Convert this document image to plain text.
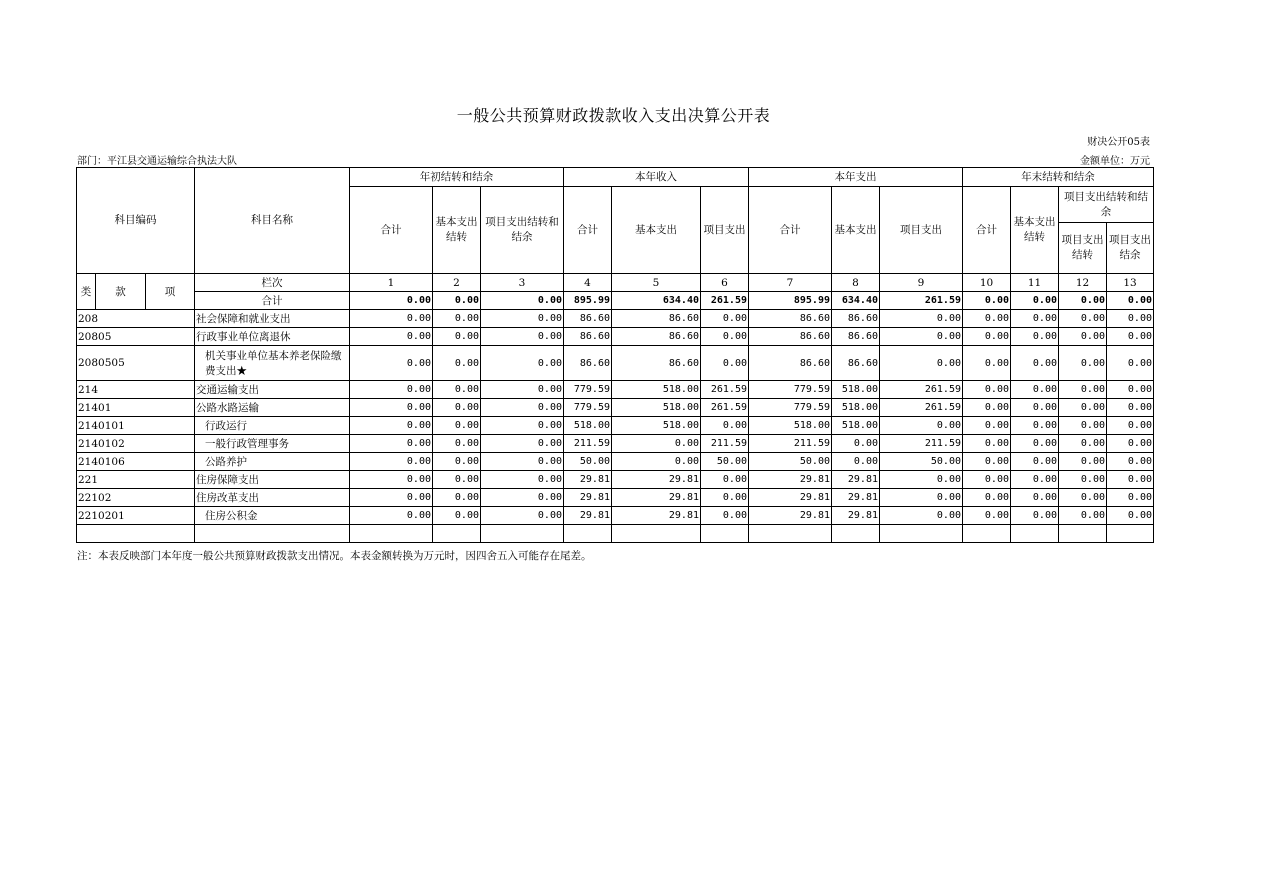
一般公共预算财政拨款收入支出决算公开表
财决公开05表
部门：平江县交通运输综合执法大队	金额单位：万元
科目编码			科目名称	年初结转和结余			本年收入			本年支出			年末结转和结余			
				合计	基本支出结转	项目支出结转和结余	合计	基本支出	项目支出	合计	基本支出	项目支出	合计	基本支出结转	项目支出结转和结余	
															项目支出结转	项目支出结余
类	款	项	栏次	1	2	3	4	5	6	7	8	9	10	11	12	13
			合计	0.00	0.00	0.00	895.99	634.40	261.59	895.99	634.40	261.59	0.00	0.00	0.00	0.00
208			社会保障和就业支出	0.00	0.00	0.00	86.60	86.60	0.00	86.60	86.60	0.00	0.00	0.00	0.00	0.00
20805			行政事业单位离退休	0.00	0.00	0.00	86.60	86.60	0.00	86.60	86.60	0.00	0.00	0.00	0.00	0.00
2080505			机关事业单位基本养老保险缴费支出★	0.00	0.00	0.00	86.60	86.60	0.00	86.60	86.60	0.00	0.00	0.00	0.00	0.00
214			交通运输支出	0.00	0.00	0.00	779.59	518.00	261.59	779.59	518.00	261.59	0.00	0.00	0.00	0.00
21401			公路水路运输	0.00	0.00	0.00	779.59	518.00	261.59	779.59	518.00	261.59	0.00	0.00	0.00	0.00
2140101			行政运行	0.00	0.00	0.00	518.00	518.00	0.00	518.00	518.00	0.00	0.00	0.00	0.00	0.00
2140102			一般行政管理事务	0.00	0.00	0.00	211.59	0.00	211.59	211.59	0.00	211.59	0.00	0.00	0.00	0.00
2140106			公路养护	0.00	0.00	0.00	50.00	0.00	50.00	50.00	0.00	50.00	0.00	0.00	0.00	0.00
221			住房保障支出	0.00	0.00	0.00	29.81	29.81	0.00	29.81	29.81	0.00	0.00	0.00	0.00	0.00
22102			住房改革支出	0.00	0.00	0.00	29.81	29.81	0.00	29.81	29.81	0.00	0.00	0.00	0.00	0.00
2210201			住房公积金	0.00	0.00	0.00	29.81	29.81	0.00	29.81	29.81	0.00	0.00	0.00	0.00	0.00

注：本表反映部门本年度一般公共预算财政拨款支出情况。本表金额转换为万元时，因四舍五入可能存在尾差。
